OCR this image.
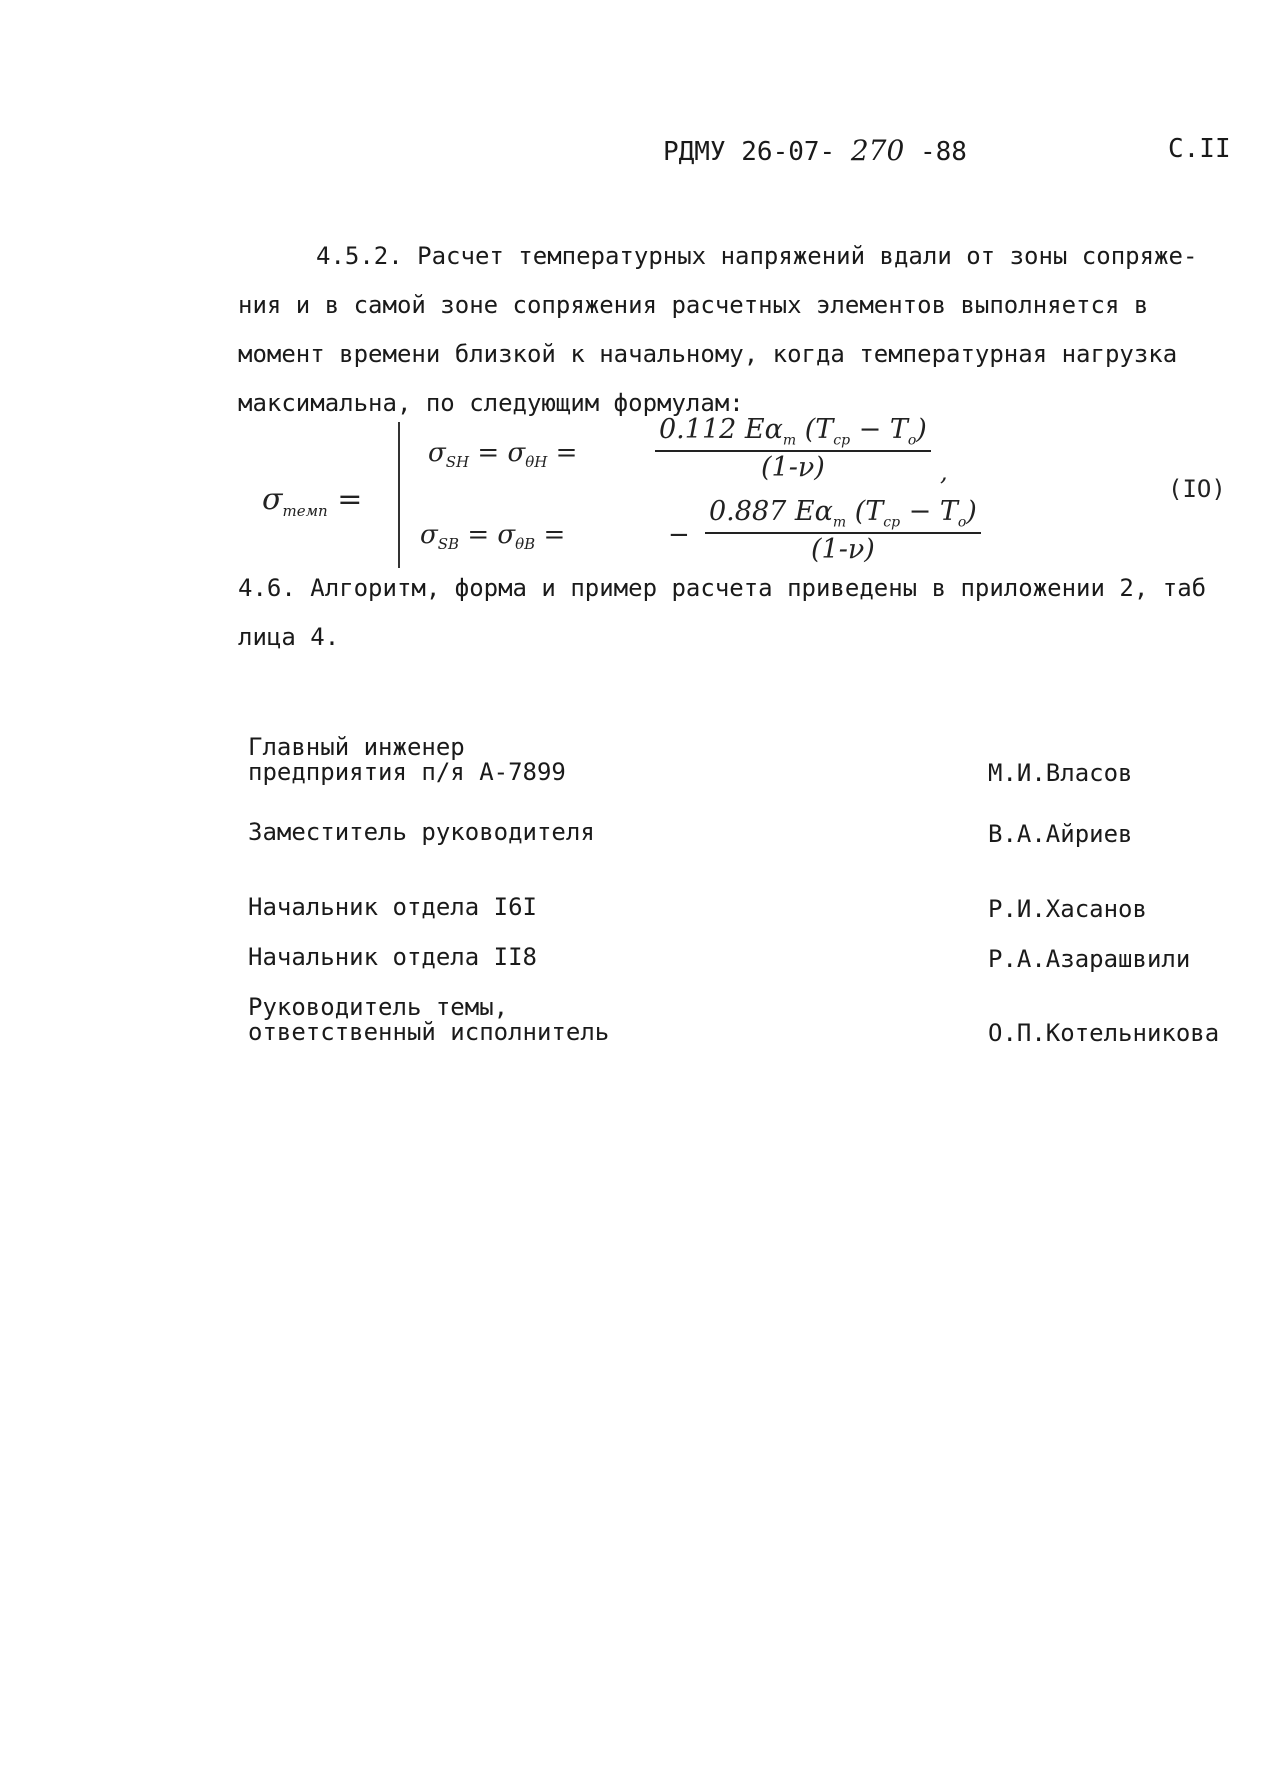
РДМУ 26-07- 270 -88	С.II
4.5.2. Расчет температурных напряжений вдали от зоны сопряже-
ния и в самой зоне сопряжения расчетных элементов выполняется в
момент времени близкой к начальному, когда температурная нагрузка
максимальна, по следующим формулам:
$\sigma_{темп}$ =
$\sigma_{SH} = \sigma_{\theta H}$ =
0.112 $E\alpha_т$ $(T_{cp} - T_o)$
(1-ν)	,
$\sigma_{SB} = \sigma_{\theta B}$ =	−
0.887 $E\alpha_т$ $(T_{cp} - T_o)$
(1-ν)
(IO)
4.6. Алгоритм, форма и пример расчета приведены в приложении 2, таб
лица 4.
Главный инженер
предприятия п/я А-7899	М.И.Власов
Заместитель руководителя	В.А.Айриев
Начальник отдела I6I	Р.И.Хасанов
Начальник отдела II8	Р.А.Азарашвили
Руководитель темы,
ответственный исполнитель	О.П.Котельникова
